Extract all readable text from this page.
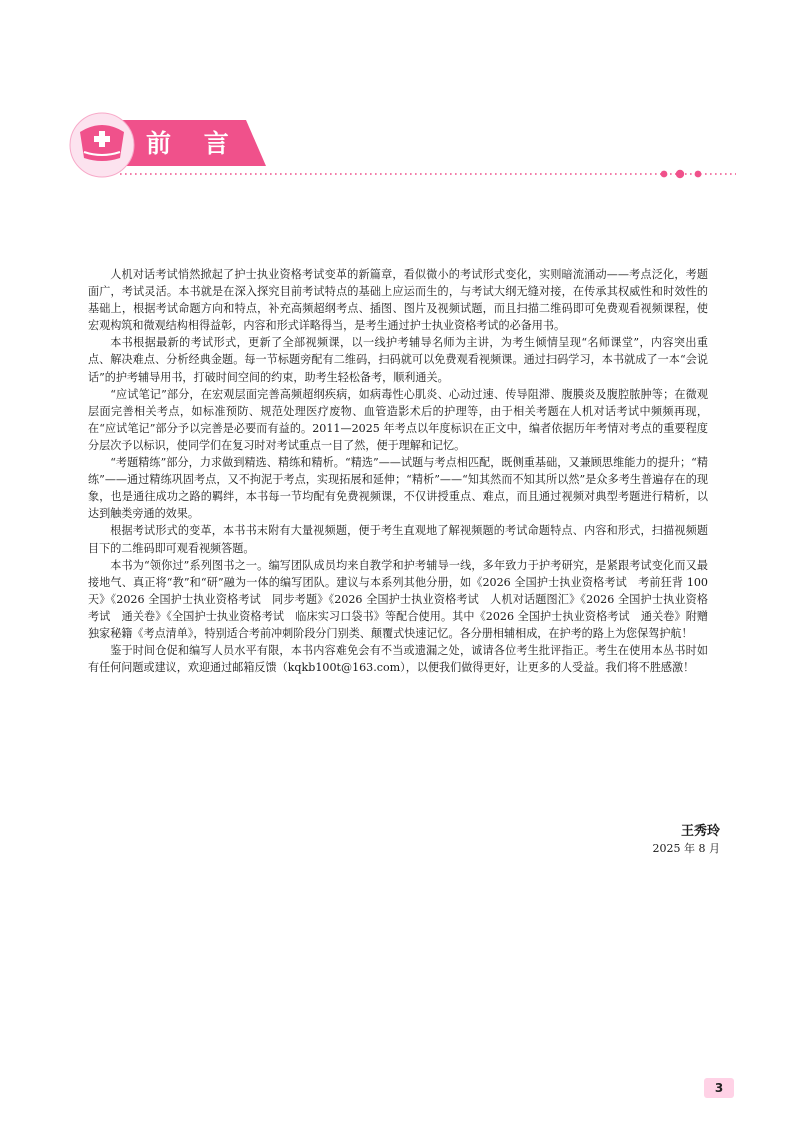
前 言

人机对话考试悄然掀起了护士执业资格考试变革的新篇章，看似微小的考试形式变化，实则暗流涌动——考点泛化，考题面广，考试灵活。本书就是在深入探究目前考试特点的基础上应运而生的，与考试大纲无缝对接，在传承其权威性和时效性的基础上，根据考试命题方向和特点，补充高频超纲考点、插图、图片及视频试题，而且扫描二维码即可免费观看视频课程，使宏观构筑和微观结构相得益彰，内容和形式详略得当，是考生通过护士执业资格考试的必备用书。

本书根据最新的考试形式，更新了全部视频课，以一线护考辅导名师为主讲，为考生倾情呈现“名师课堂”，内容突出重点、解决难点、分析经典金题。每一节标题旁配有二维码，扫码就可以免费观看视频课。通过扫码学习，本书就成了一本“会说话”的护考辅导用书，打破时间空间的约束，助考生轻松备考，顺利通关。

“应试笔记”部分，在宏观层面完善高频超纲疾病，如病毒性心肌炎、心动过速、传导阻滞、腹膜炎及腹腔脓肿等；在微观层面完善相关考点，如标准预防、规范处理医疗废物、血管造影术后的护理等，由于相关考题在人机对话考试中频频再现，在“应试笔记”部分予以完善是必要而有益的。2011—2025 年考点以年度标识在正文中，编者依据历年考情对考点的重要程度分层次予以标识，使同学们在复习时对考试重点一目了然，便于理解和记忆。

“考题精练”部分，力求做到精选、精练和精析。“精选”——试题与考点相匹配，既侧重基础，又兼顾思维能力的提升；“精练”——通过精练巩固考点，又不拘泥于考点，实现拓展和延伸；“精析”——“知其然而不知其所以然”是众多考生普遍存在的现象，也是通往成功之路的羁绊，本书每一节均配有免费视频课，不仅讲授重点、难点，而且通过视频对典型考题进行精析，以达到触类旁通的效果。

根据考试形式的变革，本书书末附有大量视频题，便于考生直观地了解视频题的考试命题特点、内容和形式，扫描视频题目下的二维码即可观看视频答题。

本书为“领你过”系列图书之一。编写团队成员均来自教学和护考辅导一线，多年致力于护考研究，是紧跟考试变化而又最接地气、真正将“教”和“研”融为一体的编写团队。建议与本系列其他分册，如《2026 全国护士执业资格考试　考前狂背 100 天》《2026 全国护士执业资格考试　同步考题》《2026 全国护士执业资格考试　人机对话题图汇》《2026 全国护士执业资格考试　通关卷》《全国护士执业资格考试　临床实习口袋书》等配合使用。其中《2026 全国护士执业资格考试　通关卷》附赠独家秘籍《考点清单》，特别适合考前冲刺阶段分门别类、颠覆式快速记忆。各分册相辅相成，在护考的路上为您保驾护航！

鉴于时间仓促和编写人员水平有限，本书内容难免会有不当或遗漏之处，诚请各位考生批评指正。考生在使用本丛书时如有任何问题或建议，欢迎通过邮箱反馈（kqkb100t@163.com），以便我们做得更好，让更多的人受益。我们将不胜感激！

王秀玲
2025 年 8 月
3
